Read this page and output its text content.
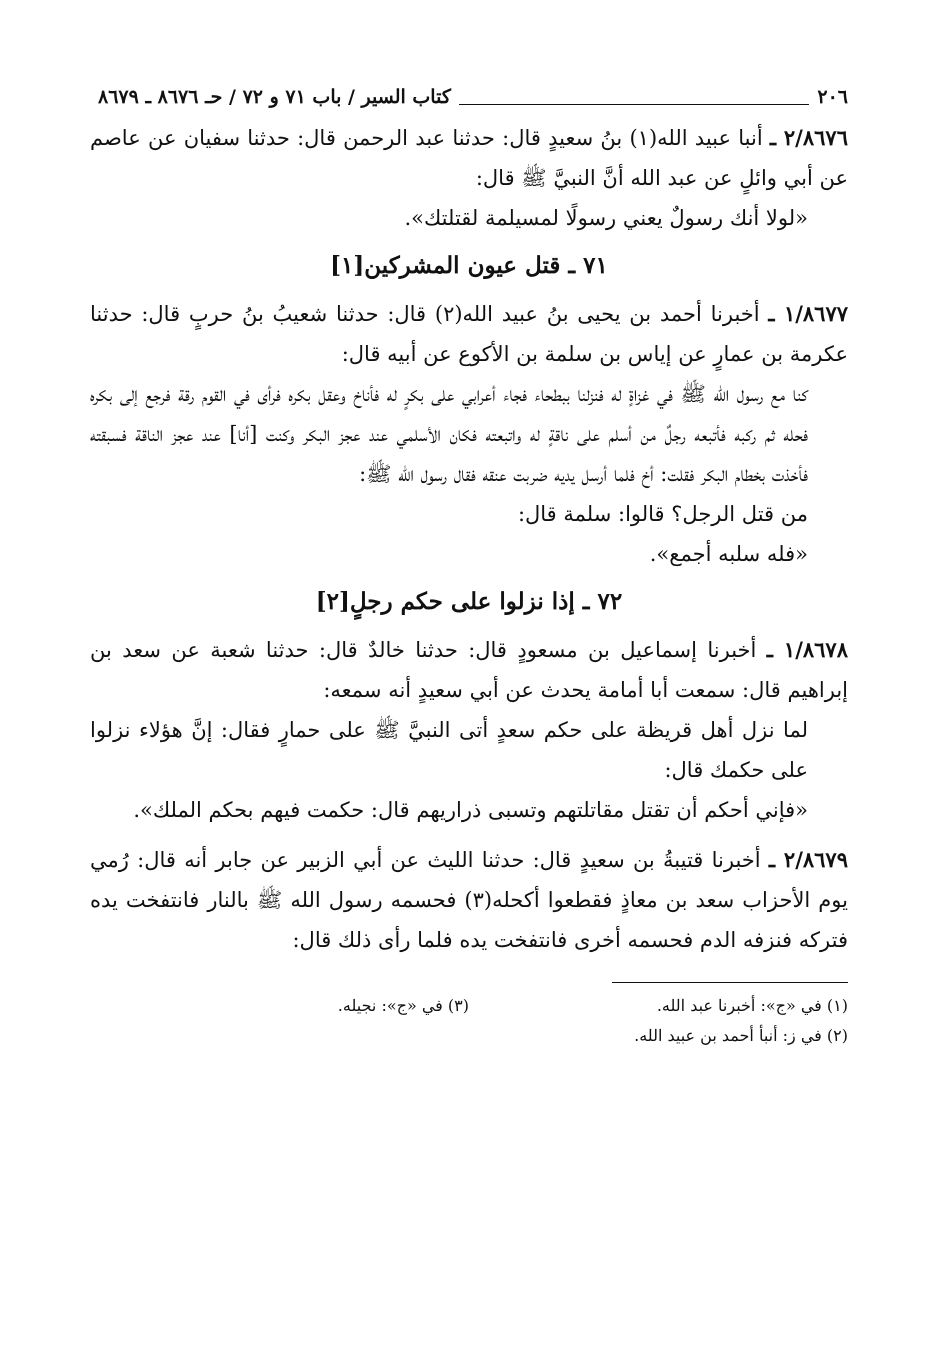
٢٠٦
كتاب السير / باب ٧١ و ٧٢ / حـ ٨٦٧٦ ـ ٨٦٧٩

٢/٨٦٧٦ ـ أنبا عبيد الله(١) بنُ سعيدٍ قال: حدثنا عبد الرحمن قال: حدثنا سفيان عن عاصم عن أبي وائلٍ عن عبد الله أنَّ النبيَّ ﷺ قال:

«لولا أنك رسولٌ يعني رسولًا لمسيلمة لقتلتك».

٧١ ـ قتل عيون المشركين[١]

١/٨٦٧٧ ـ أخبرنا أحمد بن يحيى بنُ عبيد الله(٢) قال: حدثنا شعيبُ بنُ حربٍ قال: حدثنا عكرمة بن عمارٍ عن إياس بن سلمة بن الأكوع عن أبيه قال:

كنا مع رسول الله ﷺ في غزاةٍ له فنزلنا ببطحاء فجاء أعرابي على بكرٍ له فأناخ وعقل بكره فرأى في القوم رقة فرجع إلى بكره فحله ثم ركبه فأتبعه رجلٌ من أسلم على ناقةٍ له واتبعته فكان الأسلمي عند عجز البكر وكنت [أنا] عند عجز الناقة فسبقته فأخذت بخطام البكر فقلت: أخ فلما أرسل يديه ضربت عنقه فقال رسول الله ﷺ:

من قتل الرجل؟ قالوا: سلمة قال:

«فله سلبه أجمع».

٧٢ ـ إذا نزلوا على حكم رجلٍ[٢]

١/٨٦٧٨ ـ أخبرنا إسماعيل بن مسعودٍ قال: حدثنا خالدٌ قال: حدثنا شعبة عن سعد بن إبراهيم قال: سمعت أبا أمامة يحدث عن أبي سعيدٍ أنه سمعه:

لما نزل أهل قريظة على حكم سعدٍ أتى النبيَّ ﷺ على حمارٍ فقال: إنَّ هؤلاء نزلوا على حكمك قال:

«فإني أحكم أن تقتل مقاتلتهم وتسبى ذراريهم قال: حكمت فيهم بحكم الملك».

٢/٨٦٧٩ ـ أخبرنا قتيبةُ بن سعيدٍ قال: حدثنا الليث عن أبي الزبير عن جابر أنه قال: رُمي يوم الأحزاب سعد بن معاذٍ فقطعوا أكحله(٣) فحسمه رسول الله ﷺ بالنار فانتفخت يده فتركه فنزفه الدم فحسمه أخرى فانتفخت يده فلما رأى ذلك قال:

(١) في «ج»: أخبرنا عبد الله.
(٣) في «ج»: نجيله.
(٢) في ز: أنبأ أحمد بن عبيد الله.
